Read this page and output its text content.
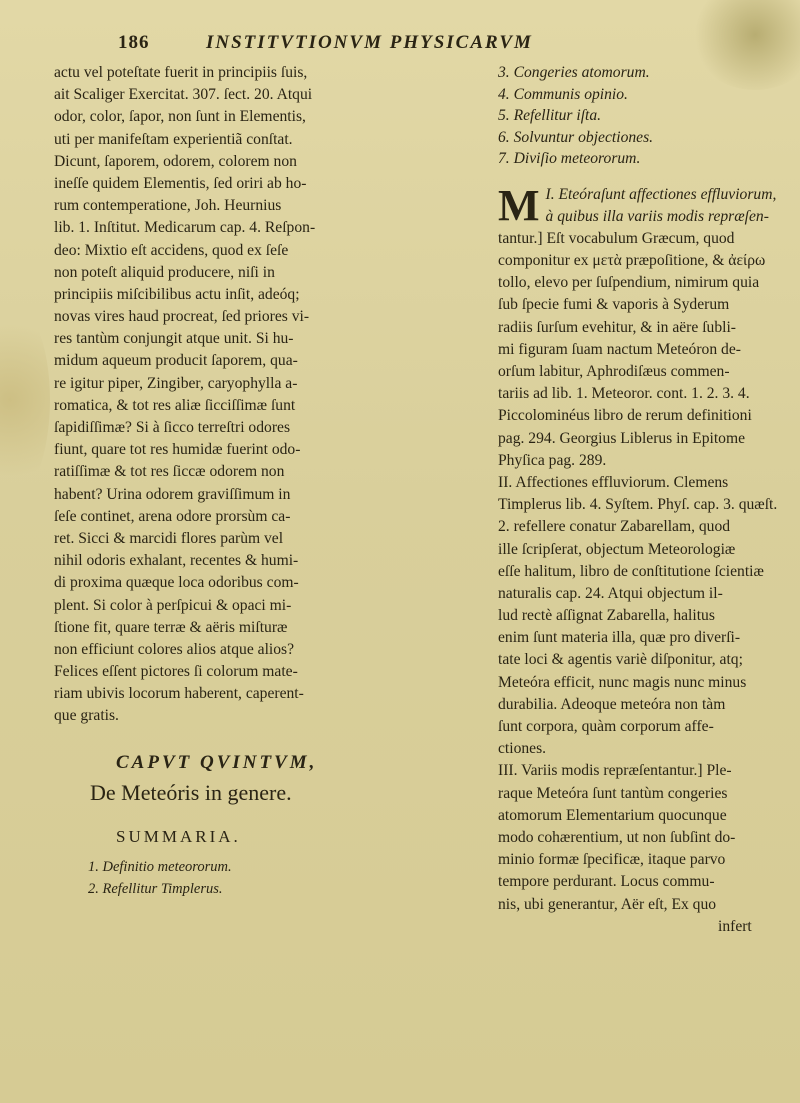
186	INSTITVTIONVM PHYSICARVM
actu vel poteſtate fuerit in principiis ſuis,
ait Scaliger Exercitat. 307. ſect. 20. Atqui
odor, color, ſapor, non ſunt in Elementis,
uti per manifeſtam experientiã conſtat.
Dicunt, ſaporem, odorem, colorem non
ineſſe quidem Elementis, ſed oriri ab ho-
rum contemperatione, Joh. Heurnius
lib. 1. Inſtitut. Medicarum cap. 4. Reſpon-
deo: Mixtio eſt accidens, quod ex ſeſe
non poteſt aliquid producere, niſi in
principiis miſcibilibus actu inſit, adeóq;
novas vires haud procreat, ſed priores vi-
res tantùm conjungit atque unit. Si hu-
midum aqueum producit ſaporem, qua-
re igitur piper, Zingiber, caryophylla a-
romatica, & tot res aliæ ſicciſſimæ ſunt
ſapidiſſimæ? Si à ſicco terreſtri odores
fiunt, quare tot res humidæ fuerint odo-
ratiſſimæ & tot res ſiccæ odorem non
habent? Urina odorem graviſſimum in
ſeſe continet, arena odore prorsùm ca-
ret. Sicci & marcidi flores parùm vel
nihil odoris exhalant, recentes & humi-
di proxima quæque loca odoribus com-
plent. Si color à perſpicui & opaci mi-
ſtione fit, quare terræ & aëris miſturæ
non efficiunt colores alios atque alios?
Felices eſſent pictores ſi colorum mate-
riam ubivis locorum haberent, caperent-
que gratis.
CAPVT QVINTVM,
De Meteóris in genere.
SUMMARIA.
1. Definitio meteororum.
2. Refellitur Timplerus.
3. Congeries atomorum.
4. Communis opinio.
5. Refellitur iſta.
6. Solvuntur objectiones.
7. Diviſio meteororum.
M I. Eteóraſunt affectiones effluviorum,
à quibus illa variis modis repræſen-
tantur.] Eſt vocabulum Græcum, quod
componitur ex μετὰ præpoſitione, & ἀείρω
tollo, elevo per ſuſpendium, nimirum quia
ſub ſpecie fumi & vaporis à Syderum
radiis ſurſum evehitur, & in aëre ſubli-
mi figuram ſuam nactum Meteóron de-
orſum labitur, Aphrodiſæus commen-
tariis ad lib. 1. Meteoror. cont. 1. 2. 3. 4.
Piccolominéus libro de rerum definitioni
pag. 294. Georgius Liblerus in Epitome
Phyſica pag. 289.
II. Affectiones effluviorum. Clemens
Timplerus lib. 4. Syſtem. Phyſ. cap. 3. quæſt.
2. refellere conatur Zabarellam, quod
ille ſcripſerat, objectum Meteorologiæ
eſſe halitum, libro de conſtitutione ſcientiæ
naturalis cap. 24. Atqui objectum il-
lud rectè aſſignat Zabarella, halitus
enim ſunt materia illa, quæ pro diverſi-
tate loci & agentis variè diſponitur, atq;
Meteóra efficit, nunc magis nunc minus
durabilia. Adeoque meteóra non tàm
ſunt corpora, quàm corporum affe-
ctiones.
III. Variis modis repræſentantur.] Ple-
raque Meteóra ſunt tantùm congeries
atomorum Elementarium quocunque
modo cohærentium, ut non ſubſint do-
minio formæ ſpecificæ, itaque parvo
tempore perdurant. Locus commu-
nis, ubi generantur, Aër eſt, Ex quo
infert
